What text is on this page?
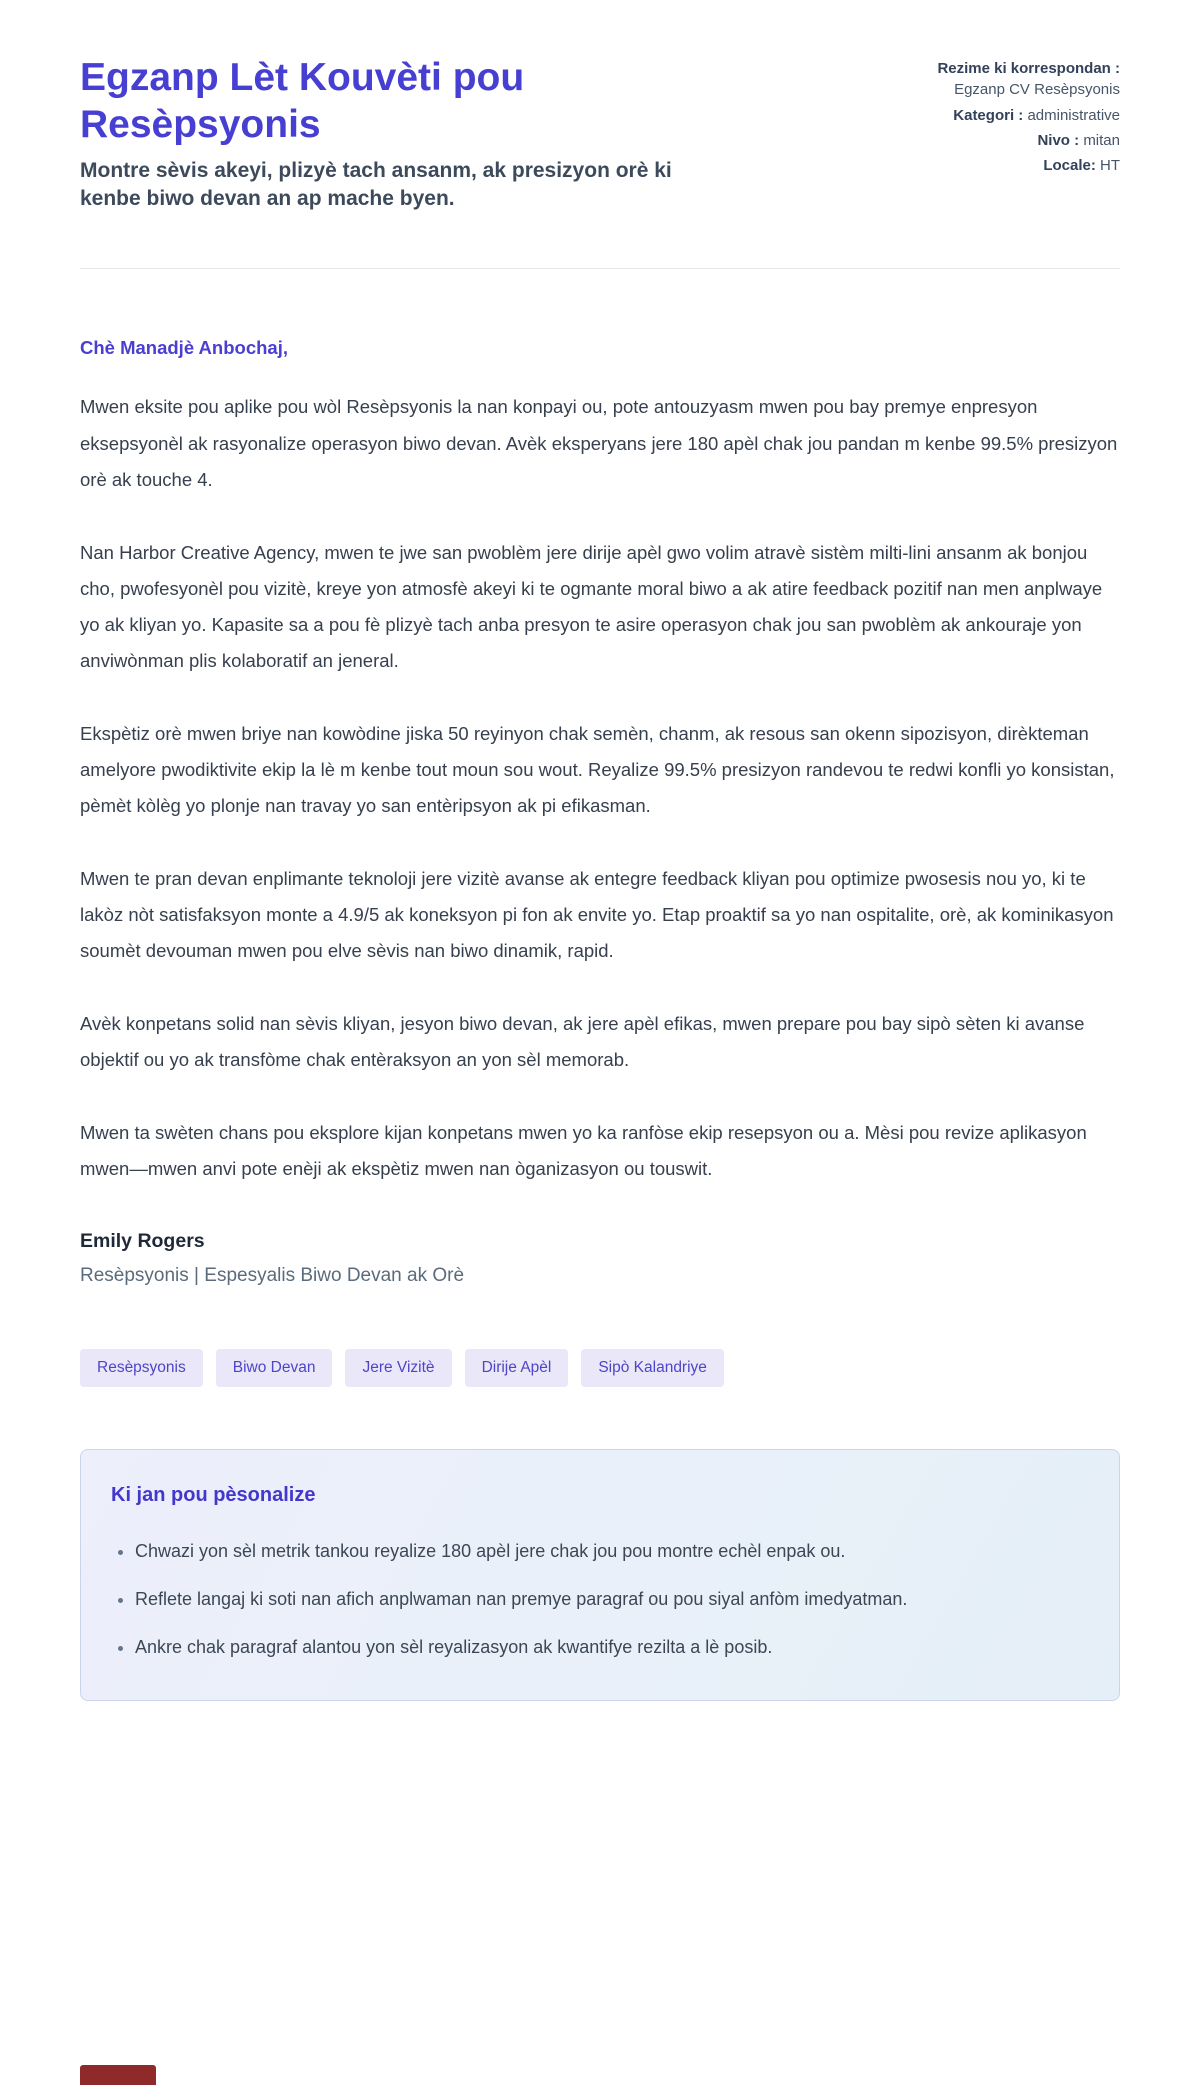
Egzanp Lèt Kouvèti pou Resèpsyonis

Montre sèvis akeyi, plizyè tach ansanm, ak presizyon orè ki kenbe biwo devan an ap mache byen.

Rezime ki korrespondan : Egzanp CV Resèpsyonis
Kategori : administrative
Nivo : mitan
Locale: HT
Chè Manadjè Anbochaj,

Mwen eksite pou aplike pou wòl Resèpsyonis la nan konpayi ou, pote antouzyasm mwen pou bay premye enpresyon eksepsyonèl ak rasyonalize operasyon biwo devan. Avèk eksperyans jere 180 apèl chak jou pandan m kenbe 99.5% presizyon orè ak touche 4.

Nan Harbor Creative Agency, mwen te jwe san pwoblèm jere dirije apèl gwo volim atravè sistèm milti-lini ansanm ak bonjou cho, pwofesyonèl pou vizitè, kreye yon atmosfè akeyi ki te ogmante moral biwo a ak atire feedback pozitif nan men anplwaye yo ak kliyan yo. Kapasite sa a pou fè plizyè tach anba presyon te asire operasyon chak jou san pwoblèm ak ankouraje yon anviwònman plis kolaboratif an jeneral.

Ekspètiz orè mwen briye nan kowòdine jiska 50 reyinyon chak semèn, chanm, ak resous san okenn sipozisyon, dirèkteman amelyore pwodiktivite ekip la lè m kenbe tout moun sou wout. Reyalize 99.5% presizyon randevou te redwi konfli yo konsistan, pèmèt kòlèg yo plonje nan travay yo san entèripsyon ak pi efikasman.

Mwen te pran devan enplimante teknoloji jere vizitè avanse ak entegre feedback kliyan pou optimize pwosesis nou yo, ki te lakòz nòt satisfaksyon monte a 4.9/5 ak koneksyon pi fon ak envite yo. Etap proaktif sa yo nan ospitalite, orè, ak kominikasyon soumèt devouman mwen pou elve sèvis nan biwo dinamik, rapid.

Avèk konpetans solid nan sèvis kliyan, jesyon biwo devan, ak jere apèl efikas, mwen prepare pou bay sipò sèten ki avanse objektif ou yo ak transfòme chak entèraksyon an yon sèl memorab.

Mwen ta swèten chans pou eksplore kijan konpetans mwen yo ka ranfòse ekip resepsyon ou a. Mèsi pou revize aplikasyon mwen—mwen anvi pote enèji ak ekspètiz mwen nan òganizasyon ou touswit.

Emily Rogers
Resèpsyonis | Espesyalis Biwo Devan ak Orè
Resèpsyonis	Biwo Devan	Jere Vizitè	Dirije Apèl	Sipò Kalandriye
Ki jan pou pèsonalize
• Chwazi yon sèl metrik tankou reyalize 180 apèl jere chak jou pou montre echèl enpak ou.
• Reflete langaj ki soti nan afich anplwaman nan premye paragraf ou pou siyal anfòm imedyatman.
• Ankre chak paragraf alantou yon sèl reyalizasyon ak kwantifye rezilta a lè posib.
